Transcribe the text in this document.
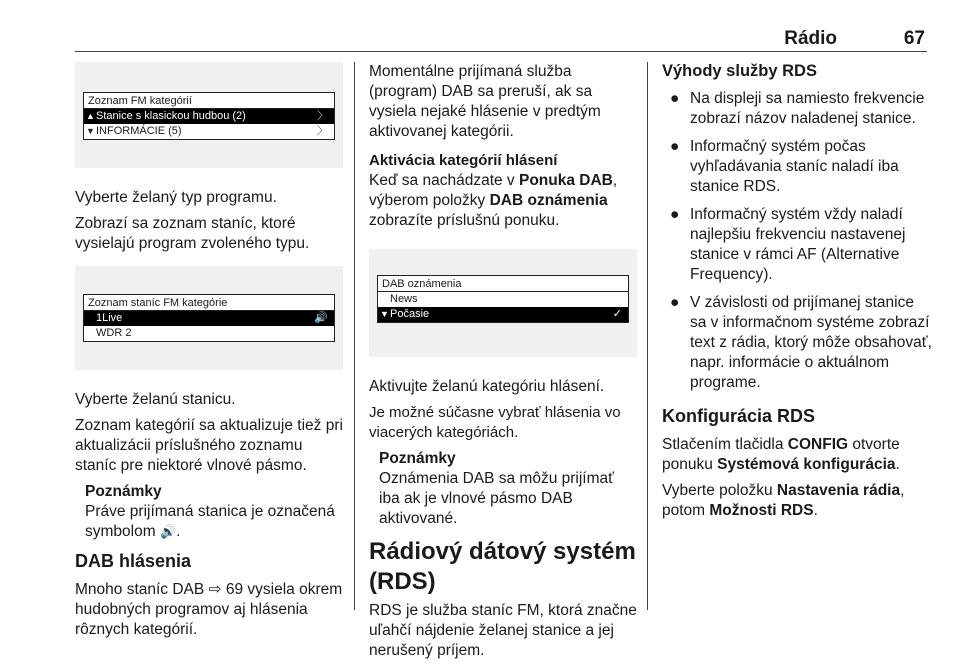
Rádio	67
Zoznam FM kategórií
▲ Stanice s klasickou hudbou (2)	〉
▼ INFORMÁCIE (5)	〉

Vyberte želaný typ programu.

Zobrazí sa zoznam staníc, ktoré vysielajú program zvoleného typu.

Zoznam staníc FM kategórie
1Live	🔊
WDR 2

Vyberte želanú stanicu.

Zoznam kategórií sa aktualizuje tiež pri aktualizácii príslušného zoznamu staníc pre niektoré vlnové pásmo.

Poznámky
Práve prijímaná stanica je označená symbolom 🔊.
DAB hlásenia

Mnoho staníc DAB ⇨ 69 vysiela okrem hudobných programov aj hlásenia rôznych kategórií.

Momentálne prijímaná služba (program) DAB sa preruší, ak sa vysiela nejaké hlásenie v predtým aktivovanej kategórii.

Aktivácia kategórií hlásení

Keď sa nachádzate v Ponuka DAB, výberom položky DAB oznámenia zobrazíte príslušnú ponuku.

DAB oznámenia
News
▼ Počasie	✓

Aktivujte želanú kategóriu hlásení.

Je možné súčasne vybrať hlásenia vo viacerých kategóriách.

Poznámky
Oznámenia DAB sa môžu prijímať iba ak je vlnové pásmo DAB aktivované.
Rádiový dátový systém (RDS)

RDS je služba staníc FM, ktorá značne uľahčí nájdenie želanej stanice a jej nerušený príjem.

Výhody služby RDS
● Na displeji sa namiesto frekvencie zobrazí názov naladenej stanice.
● Informačný systém počas vyhľadávania staníc naladí iba stanice RDS.
● Informačný systém vždy naladí najlepšiu frekvenciu nastavenej stanice v rámci AF (Alternative Frequency).
● V závislosti od prijímanej stanice sa v informačnom systéme zobrazí text z rádia, ktorý môže obsahovať, napr. informácie o aktuálnom programe.
Konfigurácia RDS

Stlačením tlačidla CONFIG otvorte ponuku Systémová konfigurácia.

Vyberte položku Nastavenia rádia, potom Možnosti RDS.
